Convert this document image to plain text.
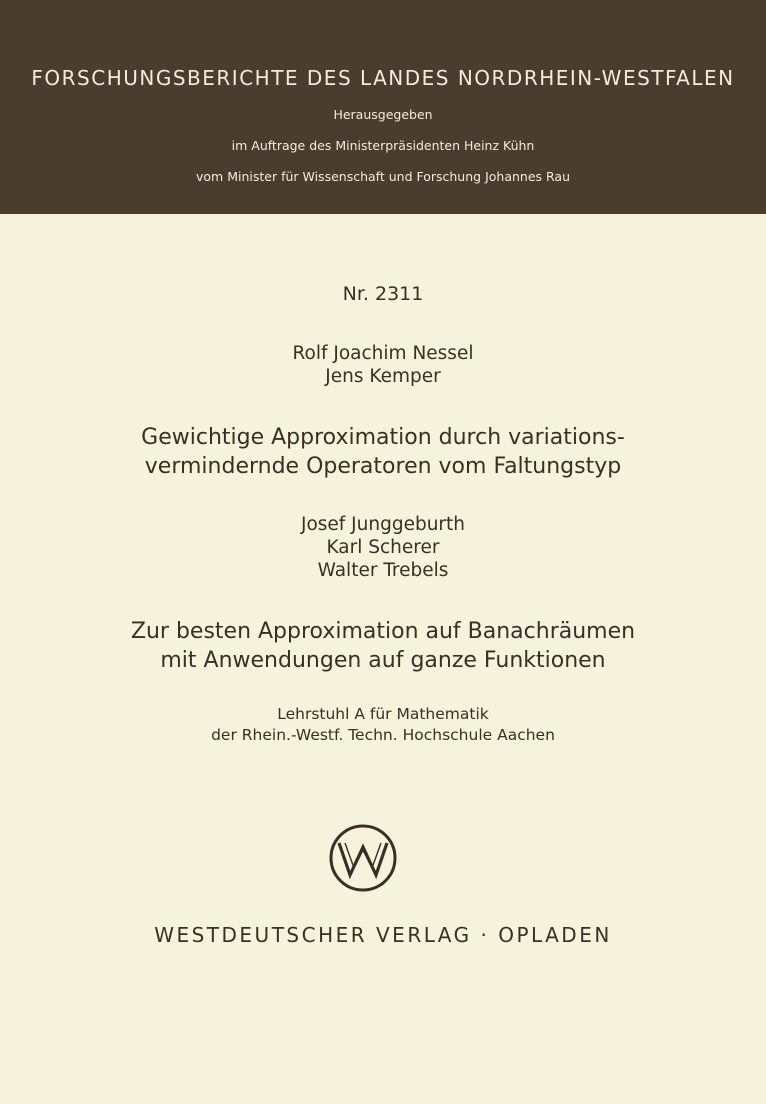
FORSCHUNGSBERICHTE DES LANDES NORDRHEIN-WESTFALEN
Herausgegeben
im Auftrage des Ministerpräsidenten Heinz Kühn
vom Minister für Wissenschaft und Forschung Johannes Rau
Nr. 2311
Rolf Joachim Nessel
Jens Kemper
Gewichtige Approximation durch variations-
vermindernde Operatoren vom Faltungstyp
Josef Junggeburth
Karl Scherer
Walter Trebels
Zur besten Approximation auf Banachräumen
mit Anwendungen auf ganze Funktionen
Lehrstuhl A für Mathematik
der Rhein.-Westf. Techn. Hochschule Aachen
WESTDEUTSCHER VERLAG · OPLADEN
